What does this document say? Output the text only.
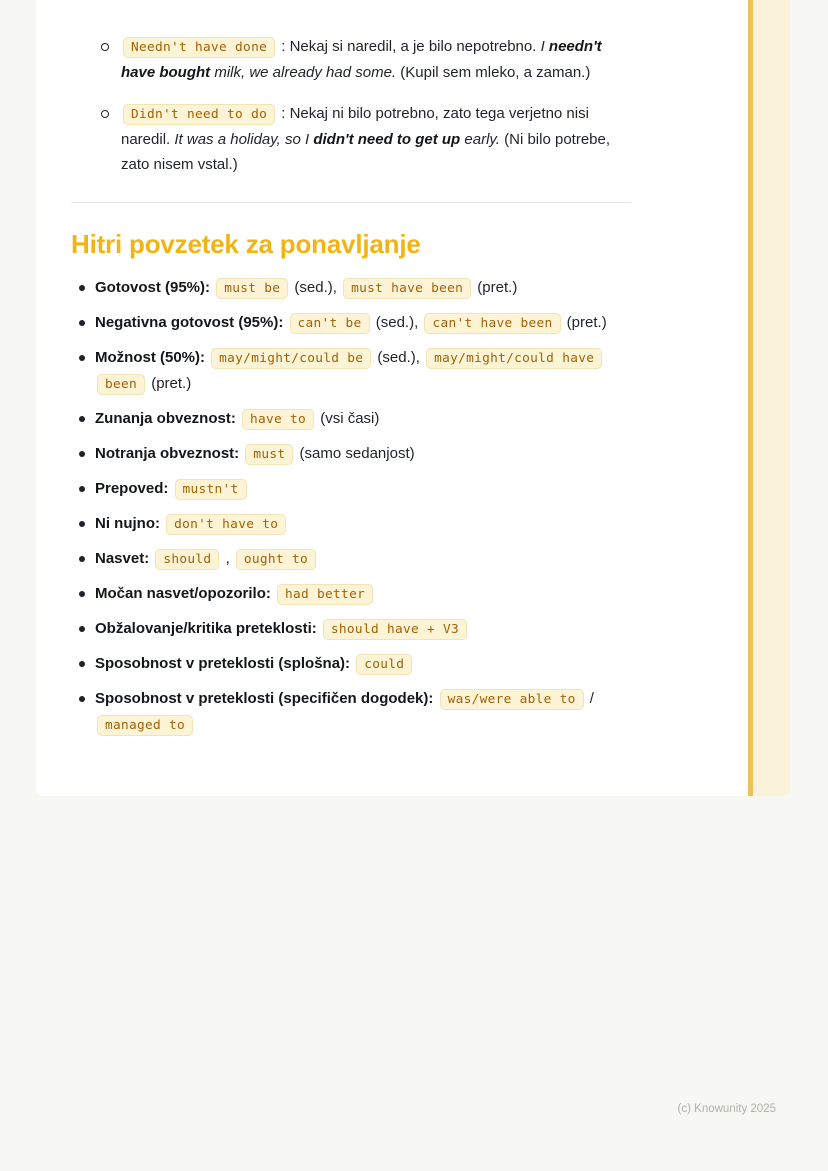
Needn't have done : Nekaj si naredil, a je bilo nepotrebno. I needn't have bought milk, we already had some. (Kupil sem mleko, a zaman.)
Didn't need to do : Nekaj ni bilo potrebno, zato tega verjetno nisi naredil. It was a holiday, so I didn't need to get up early. (Ni bilo potrebe, zato nisem vstal.)
Hitri povzetek za ponavljanje
Gotovost (95%): must be (sed.), must have been (pret.)
Negativna gotovost (95%): can't be (sed.), can't have been (pret.)
Možnost (50%): may/might/could be (sed.), may/might/could have been (pret.)
Zunanja obveznost: have to (vsi časi)
Notranja obveznost: must (samo sedanjost)
Prepoved: mustn't
Ni nujno: don't have to
Nasvet: should , ought to
Močan nasvet/opozorilo: had better
Obžalovanje/kritika preteklosti: should have + V3
Sposobnost v preteklosti (splošna): could
Sposobnost v preteklosti (specifičen dogodek): was/were able to / managed to
(c) Knowunity 2025
